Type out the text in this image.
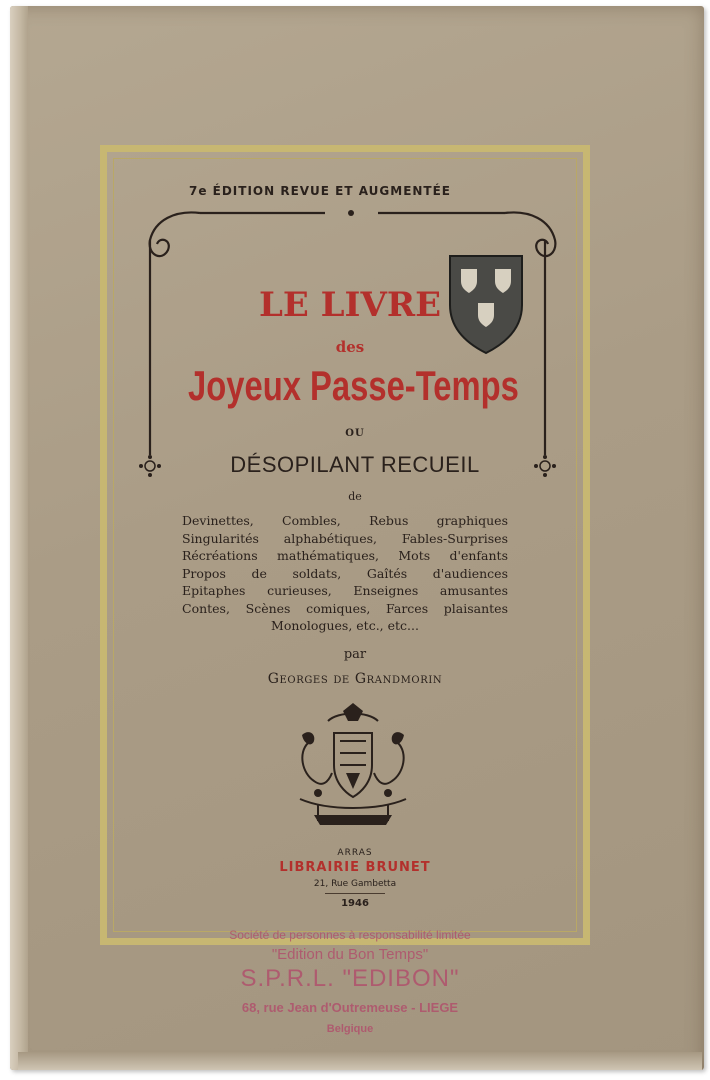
7e ÉDITION REVUE ET AUGMENTÉE
LE LIVRE
des
Joyeux Passe-Temps
OU
DÉSOPILANT RECUEIL
de
Devinettes, Combles, Rebus graphiques
Singularités alphabétiques, Fables-Surprises
Récréations mathématiques, Mots d'enfants
Propos de soldats, Gaîtés d'audiences
Epitaphes curieuses, Enseignes amusantes
Contes, Scènes comiques, Farces plaisantes
Monologues, etc., etc...
par
Georges de Grandmorin
ARRAS
LIBRAIRIE BRUNET
21, Rue Gambetta
1946
Société de personnes à responsabilité limitée
"Edition du Bon Temps"
S.P.R.L. "EDIBON"
68, rue Jean d'Outremeuse - LIEGE
Belgique
